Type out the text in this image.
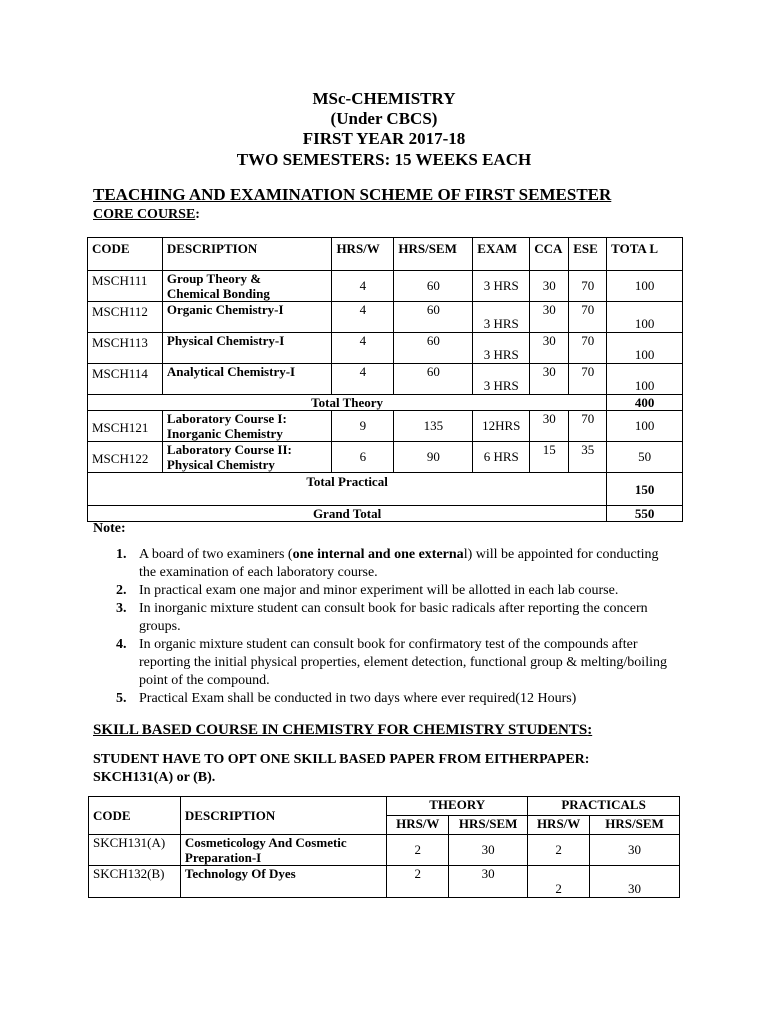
MSc-CHEMISTRY
(Under CBCS)
FIRST YEAR 2017-18
TWO SEMESTERS: 15 WEEKS EACH
TEACHING AND EXAMINATION SCHEME OF FIRST SEMESTER
CORE COURSE:
CODE	DESCRIPTION	HRS/W	HRS/SEM	EXAM	CCA	ESE	TOTA L
MSCH111	Group Theory &
Chemical Bonding	4	60	3 HRS	30	70	100
MSCH112	Organic Chemistry-I	4	60	3 HRS	30	70	100
MSCH113	Physical Chemistry-I	4	60	3 HRS	30	70	100
MSCH114	Analytical Chemistry-I	4	60	3 HRS	30	70	100
Total Theory							400
MSCH121	Laboratory Course I:
Inorganic Chemistry	9	135	12HRS	30	70	100
MSCH122	Laboratory Course II:
Physical Chemistry	6	90	6 HRS	15	35	50
Total Practical							150
Grand Total							550
Note:
1. A board of two examiners (one internal and one external) will be appointed for conducting the examination of each laboratory course.
2. In practical exam one major and minor experiment will be allotted in each lab course.
3. In inorganic mixture student can consult book for basic radicals after reporting the concern groups.
4. In organic mixture student can consult book for confirmatory test of the compounds after reporting the initial physical properties, element detection, functional group & melting/boiling point of the compound.
5. Practical Exam shall be conducted in two days where ever required(12 Hours)
SKILL BASED COURSE IN CHEMISTRY FOR CHEMISTRY STUDENTS:
STUDENT HAVE TO OPT ONE SKILL BASED PAPER FROM EITHERPAPER:
SKCH131(A) or (B).
CODE	DESCRIPTION	THEORY		PRACTICALS	
		HRS/W	HRS/SEM	HRS/W	HRS/SEM
SKCH131(A)	Cosmeticology And Cosmetic
Preparation-I	2	30	2	30
SKCH132(B)	Technology Of Dyes	2	30	2	30
